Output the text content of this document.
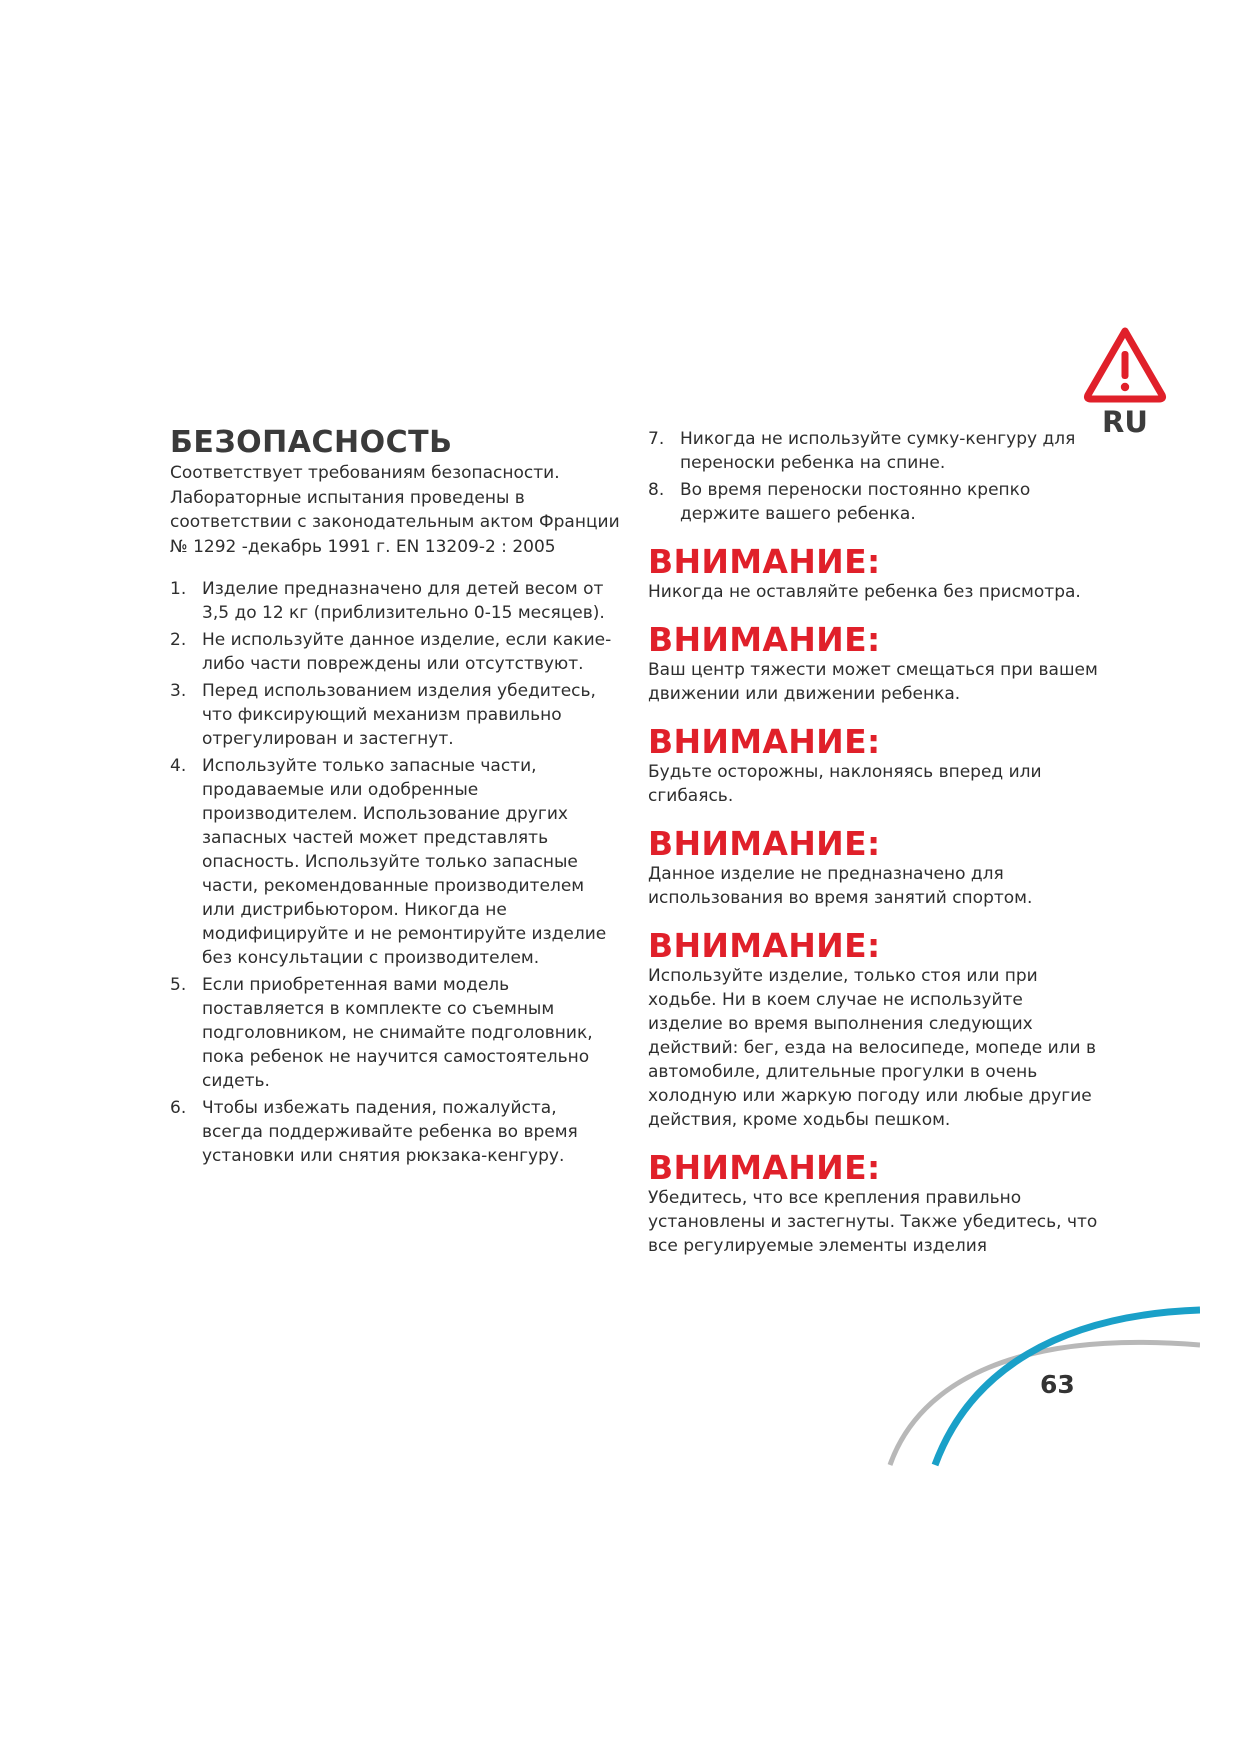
RU
БЕЗОПАСНОСТЬ

Соответствует требованиям безопасности. Лабораторные испытания проведены в соответствии с законодательным актом Франции № 1292 -декабрь 1991 г. EN 13209-2 : 2005

1. Изделие предназначено для детей весом от 3,5 до 12 кг (приблизительно 0-15 месяцев).
2. Не используйте данное изделие, если какие-либо части повреждены или отсутствуют.
3. Перед использованием изделия убедитесь, что фиксирующий механизм правильно отрегулирован и застегнут.
4. Используйте только запасные части, продаваемые или одобренные производителем. Использование других запасных частей может представлять опасность. Используйте только запасные части, рекомендованные производителем или дистрибьютором. Никогда не модифицируйте и не ремонтируйте изделие без консультации с производителем.
5. Если приобретенная вами модель поставляется в комплекте со съемным подголовником, не снимайте подголовник, пока ребенок не научится самостоятельно сидеть.
6. Чтобы избежать падения, пожалуйста, всегда поддерживайте ребенка во время установки или снятия рюкзака-кенгуру.
7. Никогда не используйте сумку-кенгуру для переноски ребенка на спине.
8. Во время переноски постоянно крепко держите вашего ребенка.
ВНИМАНИЕ:

Никогда не оставляйте ребенка без присмотра.

ВНИМАНИЕ:

Ваш центр тяжести может смещаться при вашем движении или движении ребенка.

ВНИМАНИЕ:

Будьте осторожны, наклоняясь вперед или сгибаясь.

ВНИМАНИЕ:

Данное изделие не предназначено для использования во время занятий спортом.

ВНИМАНИЕ:

Используйте изделие, только стоя или при ходьбе. Ни в коем случае не используйте изделие во время выполнения следующих действий: бег, езда на велосипеде, мопеде или в автомобиле, длительные прогулки в очень холодную или жаркую погоду или любые другие действия, кроме ходьбы пешком.

ВНИМАНИЕ:

Убедитесь, что все крепления правильно установлены и застегнуты. Также убедитесь, что все регулируемые элементы изделия

63
